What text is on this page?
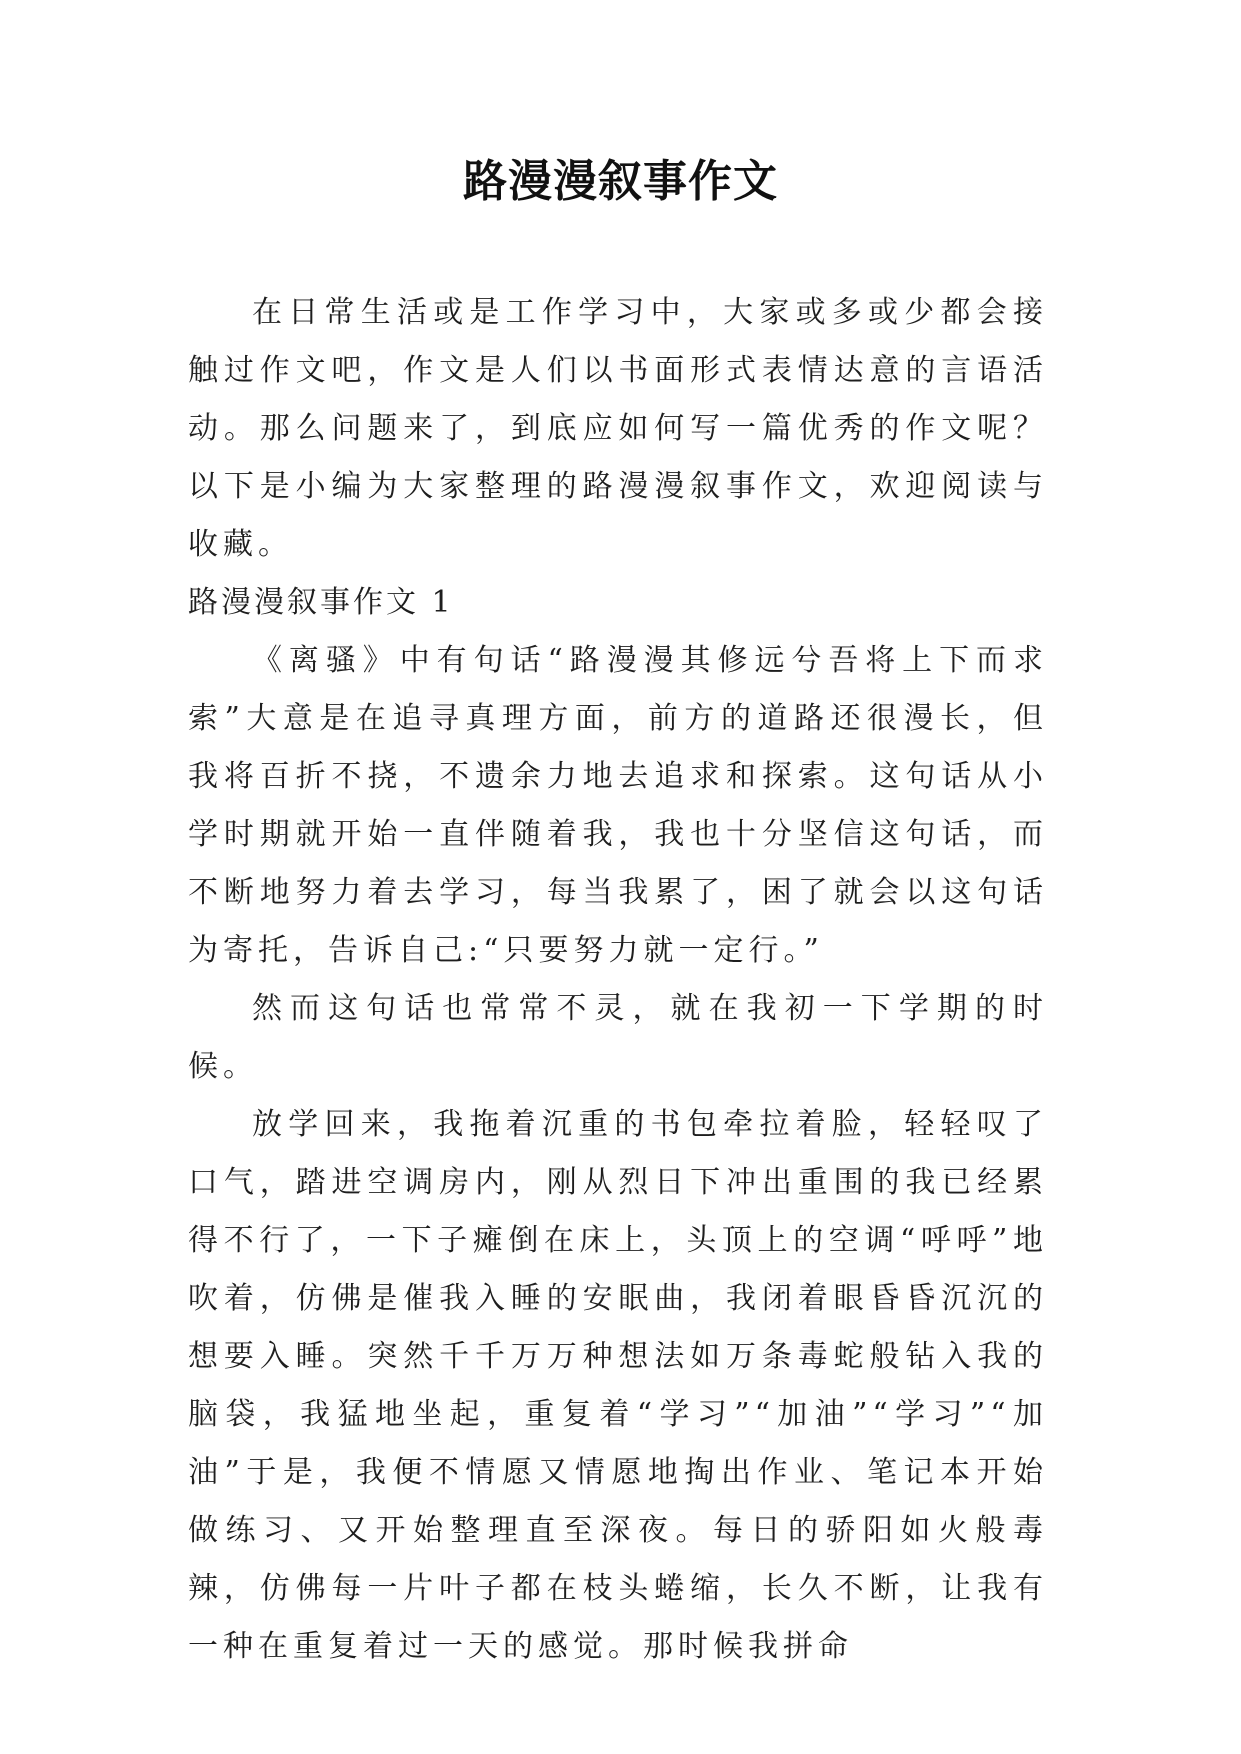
路漫漫叙事作文

在日常生活或是工作学习中，大家或多或少都会接触过作文吧，作文是人们以书面形式表情达意的言语活动。那么问题来了，到底应如何写一篇优秀的作文呢？以下是小编为大家整理的路漫漫叙事作文，欢迎阅读与收藏。

路漫漫叙事作文 1

《离骚》中有句话“路漫漫其修远兮吾将上下而求索”大意是在追寻真理方面，前方的道路还很漫长，但我将百折不挠，不遗余力地去追求和探索。这句话从小学时期就开始一直伴随着我，我也十分坚信这句话，而不断地努力着去学习，每当我累了，困了就会以这句话为寄托，告诉自己:“只要努力就一定行。”

然而这句话也常常不灵，就在我初一下学期的时候。

放学回来，我拖着沉重的书包牵拉着脸，轻轻叹了口气，踏进空调房内，刚从烈日下冲出重围的我已经累得不行了，一下子瘫倒在床上，头顶上的空调“呼呼”地吹着，仿佛是催我入睡的安眠曲，我闭着眼昏昏沉沉的想要入睡。突然千千万万种想法如万条毒蛇般钻入我的脑袋，我猛地坐起，重复着“学习”“加油”“学习”“加油”于是，我便不情愿又情愿地掏出作业、笔记本开始做练习、又开始整理直至深夜。每日的骄阳如火般毒辣，仿佛每一片叶子都在枝头蜷缩，长久不断，让我有一种在重复着过一天的感觉。那时候我拼命
